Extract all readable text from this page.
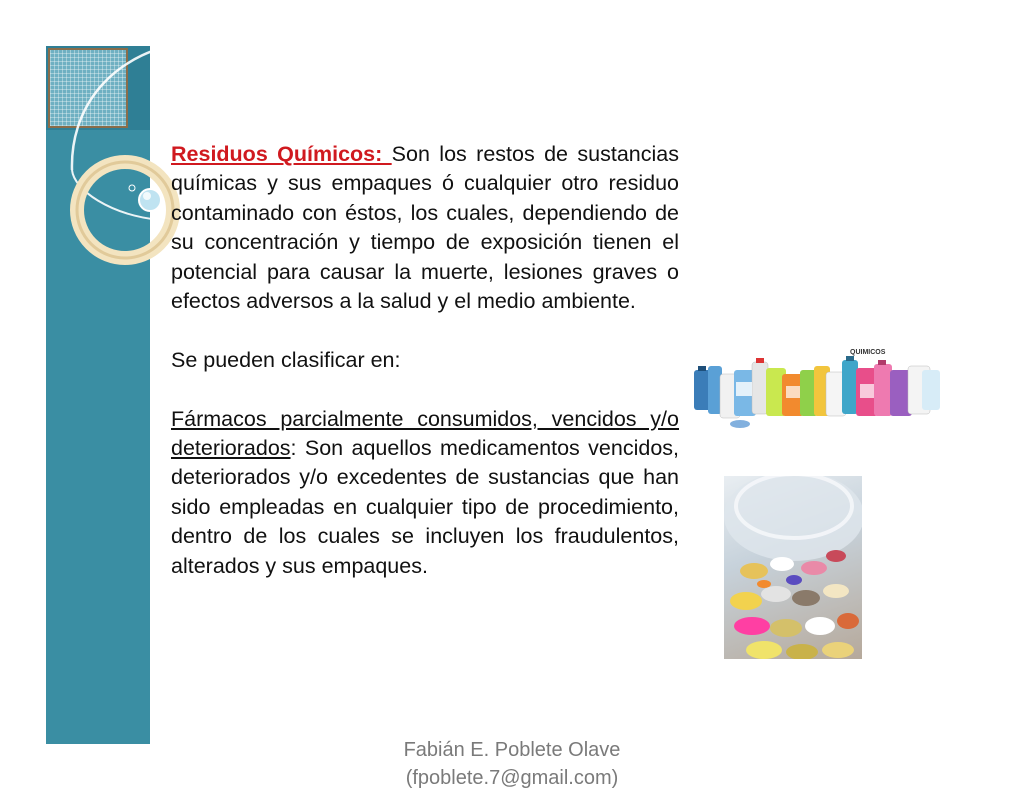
Residuos Químicos: Son los restos de sustancias químicas y sus empaques ó cualquier otro residuo contaminado con éstos, los cuales, dependiendo de su concentración y tiempo de exposición tienen el potencial para causar la muerte, lesiones graves o efectos adversos a la salud y el medio ambiente.

Se pueden clasificar en:

Fármacos parcialmente consumidos, vencidos y/o deteriorados: Son aquellos medicamentos vencidos, deteriorados y/o excedentes de sustancias que han sido empleadas en cualquier tipo de procedimiento, dentro de los cuales se incluyen los fraudulentos, alterados y sus empaques.

QUIMICOS
Fabián E. Poblete Olave
(fpoblete.7@gmail.com)
